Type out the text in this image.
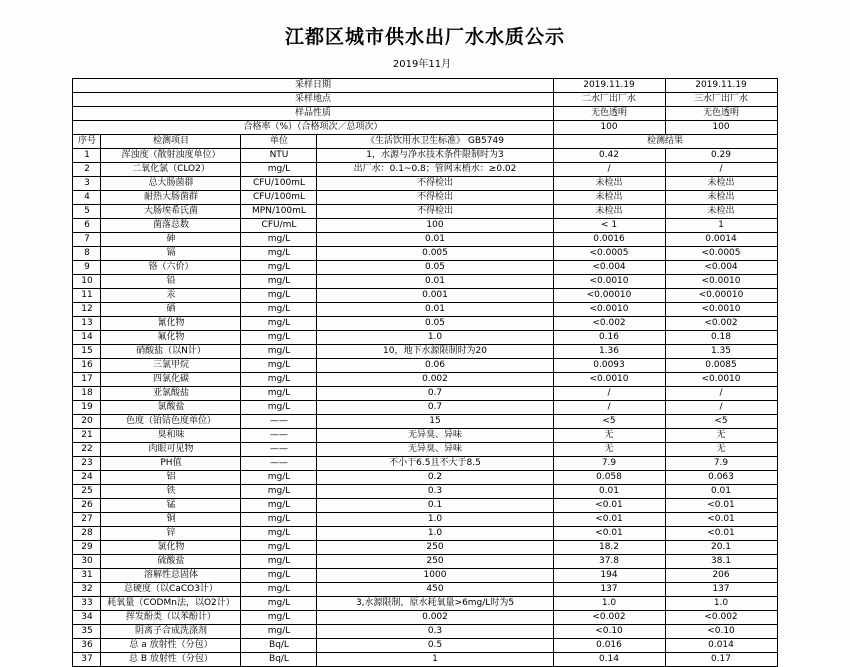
江都区城市供水出厂水水质公示
2019年11月
采样日期				2019.11.19	2019.11.19
采样地点				二水厂出厂水	三水厂出厂水
样品性质				无色透明	无色透明
合格率（%）（合格项次／总项次）				100	100
序号	检测项目	单位	《生活饮用水卫生标准》 GB5749	检测结果	
1	浑浊度（散射浊度单位）	NTU	1，水源与净水技术条件限制时为3	0.42	0.29
2	二氧化氯（CLO2）	mg/L	出厂水：0.1~0.8；管网末梢水：≥0.02	/	/
3	总大肠菌群	CFU/100mL	不得检出	未检出	未检出
4	耐热大肠菌群	CFU/100mL	不得检出	未检出	未检出
5	大肠埃希氏菌	MPN/100mL	不得检出	未检出	未检出
6	菌落总数	CFU/mL	100	< 1	1
7	砷	mg/L	0.01	0.0016	0.0014
8	镉	mg/L	0.005	<0.0005	<0.0005
9	铬（六价）	mg/L	0.05	<0.004	<0.004
10	铅	mg/L	0.01	<0.0010	<0.0010
11	汞	mg/L	0.001	<0.00010	<0.00010
12	硒	mg/L	0.01	<0.0010	<0.0010
13	氰化物	mg/L	0.05	<0.002	<0.002
14	氟化物	mg/L	1.0	0.16	0.18
15	硝酸盐（以N计）	mg/L	10，地下水源限制时为20	1.36	1.35
16	三氯甲烷	mg/L	0.06	0.0093	0.0085
17	四氯化碳	mg/L	0.002	<0.0010	<0.0010
18	亚氯酸盐	mg/L	0.7	/	/
19	氯酸盐	mg/L	0.7	/	/
20	色度（铂钴色度单位）	——	15	<5	<5
21	臭和味	——	无异臭、异味	无	无
22	肉眼可见物	——	无异臭、异味	无	无
23	PH值	——	不小于6.5且不大于8.5	7.9	7.9
24	铝	mg/L	0.2	0.058	0.063
25	铁	mg/L	0.3	0.01	0.01
26	锰	mg/L	0.1	<0.01	<0.01
27	铜	mg/L	1.0	<0.01	<0.01
28	锌	mg/L	1.0	<0.01	<0.01
29	氯化物	mg/L	250	18.2	20.1
30	硫酸盐	mg/L	250	37.8	38.1
31	溶解性总固体	mg/L	1000	194	206
32	总硬度（以CaCO3计）	mg/L	450	137	137
33	耗氧量（CODMn法，以O2计）	mg/L	3,水源限制，原水耗氧量>6mg/L时为5	1.0	1.0
34	挥发酚类（以苯酚计）	mg/L	0.002	<0.002	<0.002
35	阴离子合成洗涤剂	mg/L	0.3	<0.10	<0.10
36	总 a 放射性（分包）	Bq/L	0.5	0.016	0.014
37	总 B 放射性（分包）	Bq/L	1	0.14	0.17
